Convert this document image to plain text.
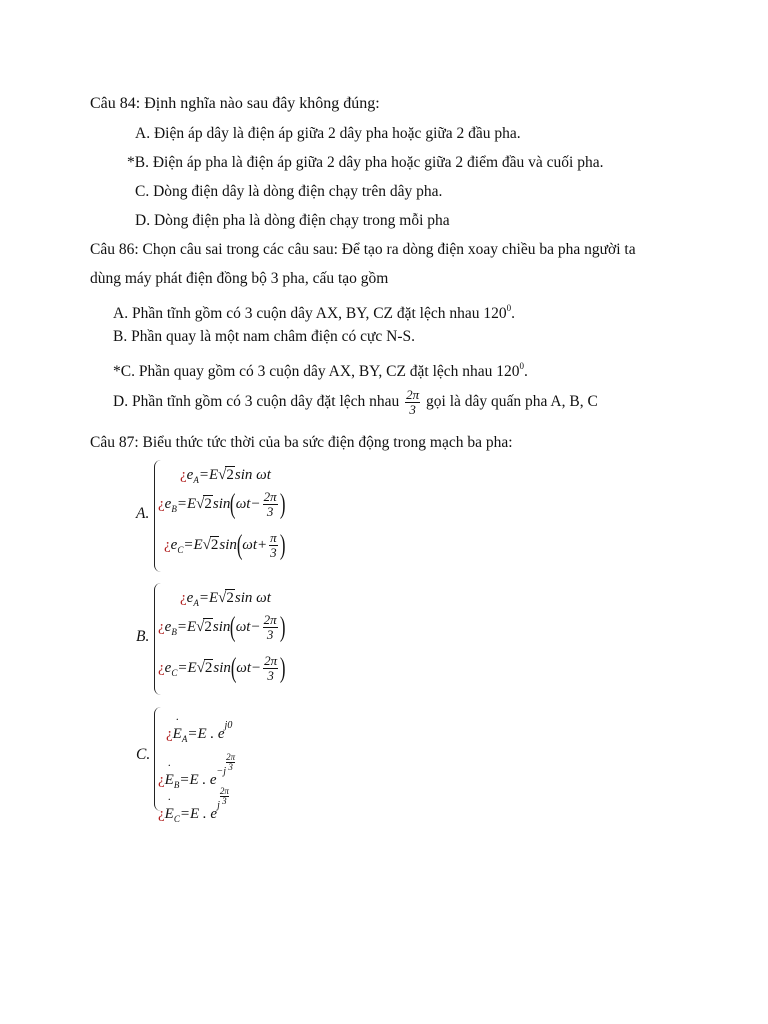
Câu 84: Định nghĩa nào sau đây không đúng:
A. Điện áp dây là điện áp giữa 2 dây pha hoặc giữa 2 đầu pha.
*B. Điện áp pha là điện áp giữa 2 dây pha hoặc giữa 2 điểm đầu và cuối pha.
C. Dòng điện dây là dòng điện chạy trên dây pha.
D. Dòng điện pha là dòng điện chạy trong mỗi pha
Câu 86: Chọn câu sai trong các câu sau: Để tạo ra dòng điện xoay chiều ba pha người ta
dùng máy phát điện đồng bộ 3 pha, cấu tạo gồm
A. Phần tĩnh gồm có 3 cuộn dây AX, BY, CZ đặt lệch nhau $120^0$.
B. Phần quay là một nam châm điện có cực N-S.
*C. Phần quay gồm có 3 cuộn dây AX, BY, CZ đặt lệch nhau $120^0$.
D. Phần tĩnh gồm có 3 cuộn dây đặt lệch nhau $\frac{2\pi}{3}$ gọi là dây quấn pha A, B, C
Câu 87: Biểu thức tức thời của ba sức điện động trong mạch ba pha:
A.
¿$e_A=E√2\sin$ ωt
¿$e_B=E√2\sin(\omega t- \frac{2\pi}{3}$ )
¿$e_C=E√2\sin(\omega t+ \frac{\pi}{3}$ )
B.
¿$e_A=E√2\sin$ ωt
¿$e_B=E√2\sin(\omega t- \frac{2\pi}{3}$ )
¿$e_C=E√2\sin(\omega t- \frac{2\pi}{3}$ )
C.
¿E
·
$_A$=E . $e^{j0}$
¿E
·
$_B$=E . $e^{-j} \frac{2\pi}{3}$
¿E
·
$_C$=E . $e^j \frac{2\pi}{3}$
